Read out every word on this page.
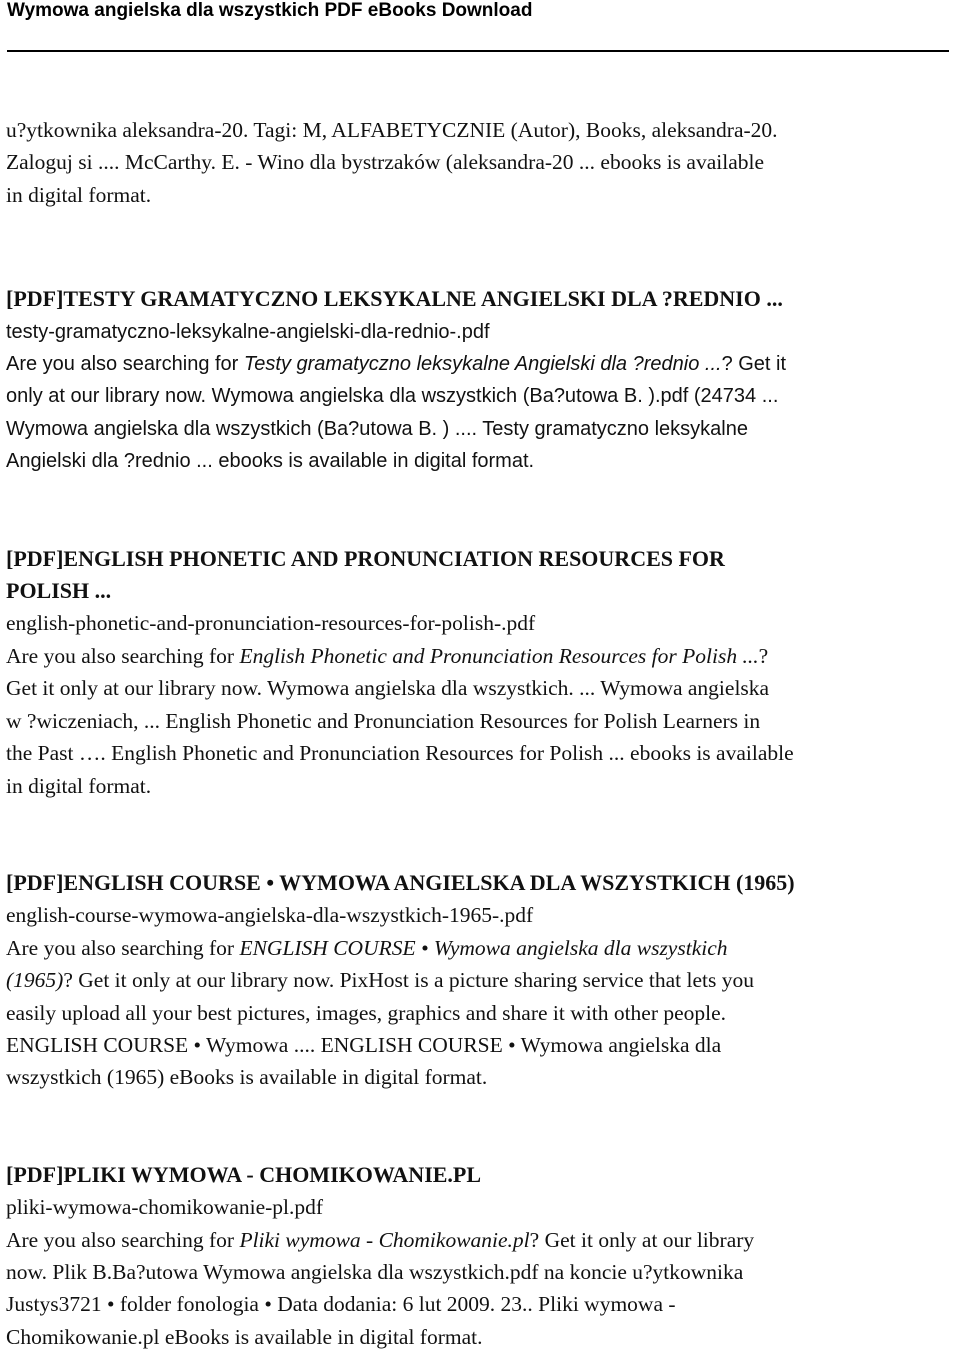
Wymowa angielska dla wszystkich PDF eBooks Download
u?ytkownika aleksandra-20. Tagi: M, ALFABETYCZNIE (Autor), Books, aleksandra-20.
Zaloguj si .... McCarthy. E. - Wino dla bystrzaków (aleksandra-20 ... ebooks is available
in digital format.
[PDF]TESTY GRAMATYCZNO LEKSYKALNE ANGIELSKI DLA ?REDNIO ...
testy-gramatyczno-leksykalne-angielski-dla-rednio-.pdf
Are you also searching for Testy gramatyczno leksykalne Angielski dla ?rednio ...? Get it
only at our library now. Wymowa angielska dla wszystkich (Ba?utowa B. ).pdf (24734 ...
Wymowa angielska dla wszystkich (Ba?utowa B. ) .... Testy gramatyczno leksykalne
Angielski dla ?rednio ... ebooks is available in digital format.
[PDF]ENGLISH PHONETIC AND PRONUNCIATION RESOURCES FOR
POLISH ...
english-phonetic-and-pronunciation-resources-for-polish-.pdf
Are you also searching for English Phonetic and Pronunciation Resources for Polish ...?
Get it only at our library now. Wymowa angielska dla wszystkich. ... Wymowa angielska
w ?wiczeniach, ... English Phonetic and Pronunciation Resources for Polish Learners in
the Past …. English Phonetic and Pronunciation Resources for Polish ... ebooks is available
in digital format.
[PDF]ENGLISH COURSE • WYMOWA ANGIELSKA DLA WSZYSTKICH (1965)
english-course-wymowa-angielska-dla-wszystkich-1965-.pdf
Are you also searching for ENGLISH COURSE • Wymowa angielska dla wszystkich
(1965)? Get it only at our library now. PixHost is a picture sharing service that lets you
easily upload all your best pictures, images, graphics and share it with other people.
ENGLISH COURSE • Wymowa .... ENGLISH COURSE • Wymowa angielska dla
wszystkich (1965) eBooks is available in digital format.
[PDF]PLIKI WYMOWA - CHOMIKOWANIE.PL
pliki-wymowa-chomikowanie-pl.pdf
Are you also searching for Pliki wymowa - Chomikowanie.pl? Get it only at our library
now. Plik B.Ba?utowa Wymowa angielska dla wszystkich.pdf na koncie u?ytkownika
Justys3721 • folder fonologia • Data dodania: 6 lut 2009. 23.. Pliki wymowa -
Chomikowanie.pl eBooks is available in digital format.
